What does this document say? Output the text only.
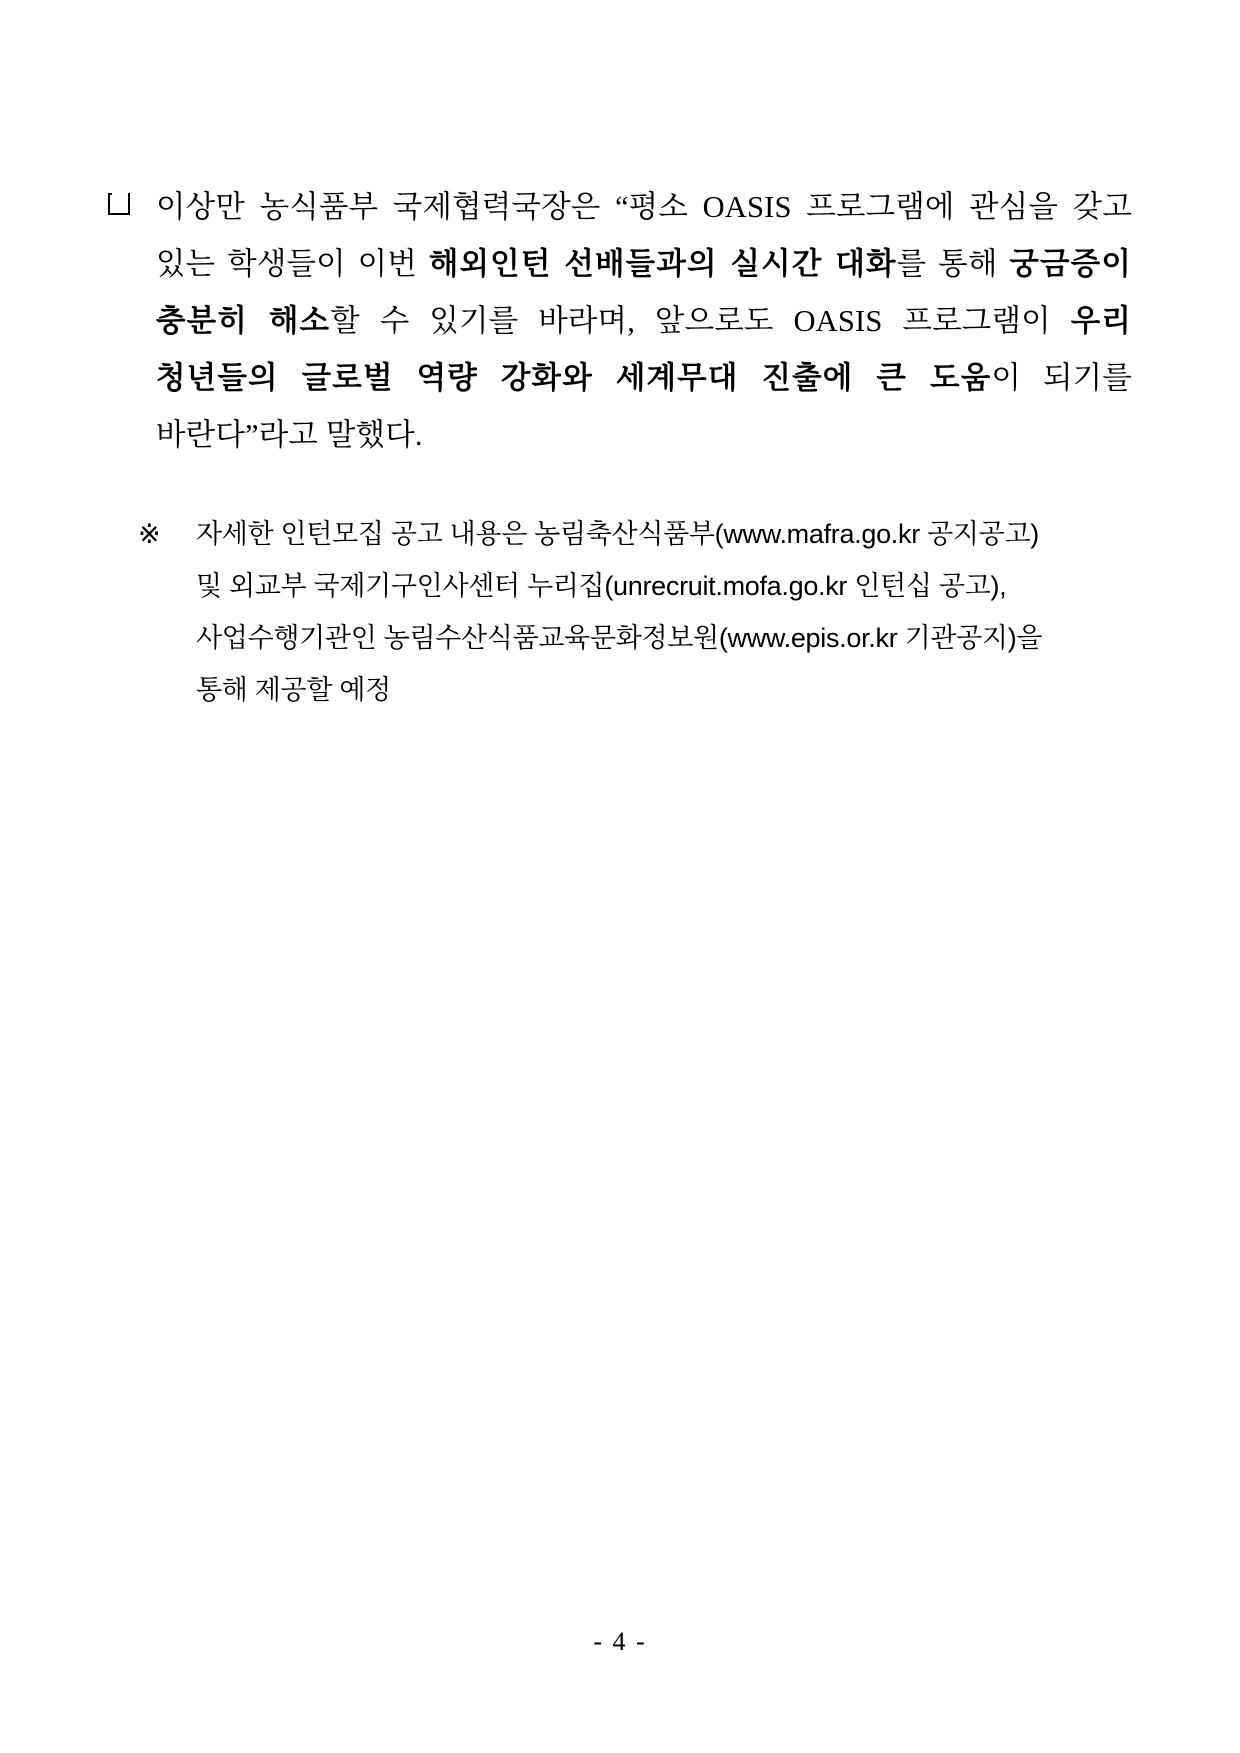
이상만 농식품부 국제협력국장은 “평소 OASIS 프로그램에 관심을 갖고 있는 학생들이 이번 해외인턴 선배들과의 실시간 대화를 통해 궁금증이 충분히 해소할 수 있기를 바라며, 앞으로도 OASIS 프로그램이 우리 청년들의 글로벌 역량 강화와 세계무대 진출에 큰 도움이 되기를 바란다”라고 말했다.

※ 자세한 인턴모집 공고 내용은 농림축산식품부(www.mafra.go.kr 공지공고)
및 외교부 국제기구인사센터 누리집(unrecruit.mofa.go.kr 인턴십 공고),
사업수행기관인 농림수산식품교육문화정보원(www.epis.or.kr 기관공지)을
통해 제공할 예정
- 4 -
